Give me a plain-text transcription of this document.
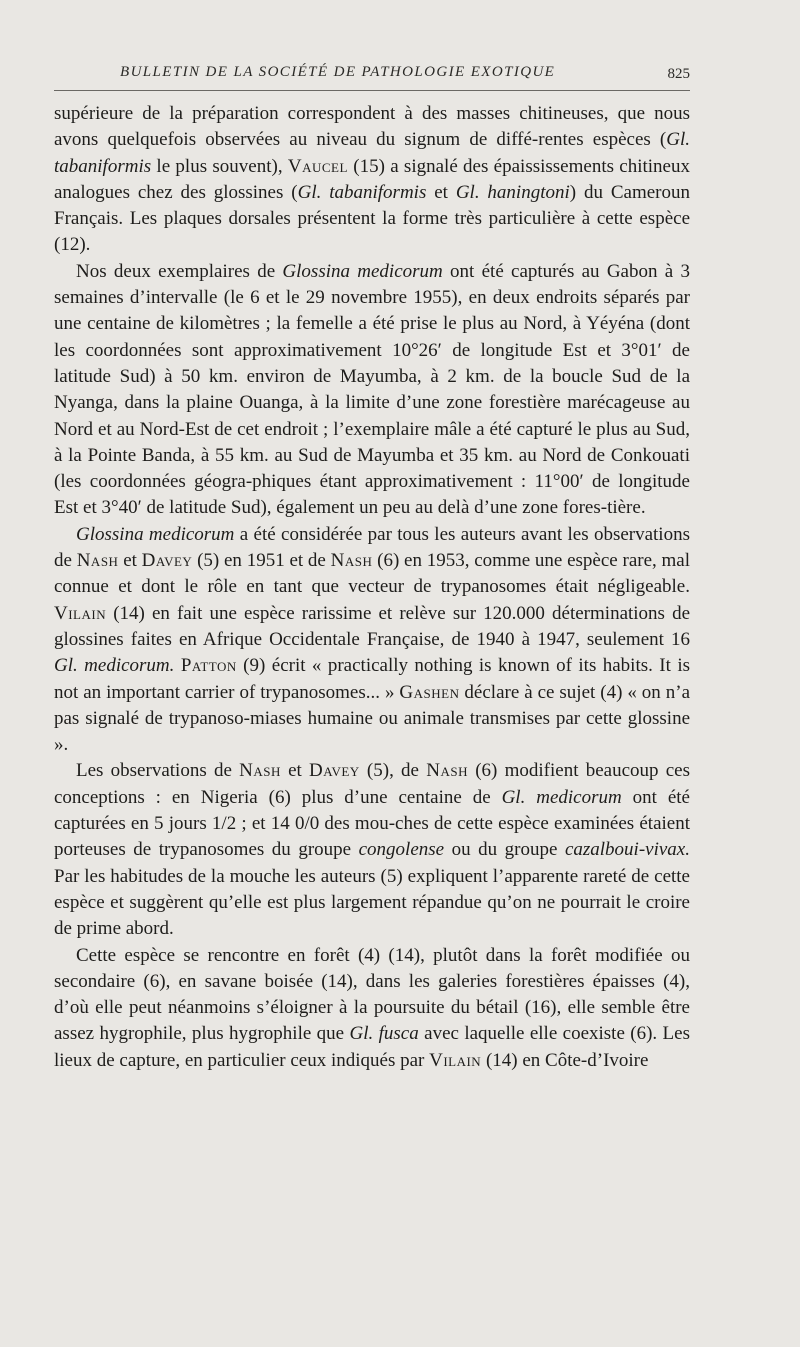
BULLETIN DE LA SOCIÉTÉ DE PATHOLOGIE EXOTIQUE	825

supérieure de la préparation correspondent à des masses chitineuses, que nous avons quelquefois observées au niveau du signum de diffé-rentes espèces (Gl. tabaniformis le plus souvent), Vaucel (15) a signalé des épaississements chitineux analogues chez des glossines (Gl. tabaniformis et Gl. haningtoni) du Cameroun Français. Les plaques dorsales présentent la forme très particulière à cette espèce (12).

Nos deux exemplaires de Glossina medicorum ont été capturés au Gabon à 3 semaines d’intervalle (le 6 et le 29 novembre 1955), en deux endroits séparés par une centaine de kilomètres ; la femelle a été prise le plus au Nord, à Yéyéna (dont les coordonnées sont approximativement 10°26′ de longitude Est et 3°01′ de latitude Sud) à 50 km. environ de Mayumba, à 2 km. de la boucle Sud de la Nyanga, dans la plaine Ouanga, à la limite d’une zone forestière marécageuse au Nord et au Nord-Est de cet endroit ; l’exemplaire mâle a été capturé le plus au Sud, à la Pointe Banda, à 55 km. au Sud de Mayumba et 35 km. au Nord de Conkouati (les coordonnées géogra-phiques étant approximativement : 11°00′ de longitude Est et 3°40′ de latitude Sud), également un peu au delà d’une zone fores-tière.

Glossina medicorum a été considérée par tous les auteurs avant les observations de Nash et Davey (5) en 1951 et de Nash (6) en 1953, comme une espèce rare, mal connue et dont le rôle en tant que vecteur de trypanosomes était négligeable. Vilain (14) en fait une espèce rarissime et relève sur 120.000 déterminations de glossines faites en Afrique Occidentale Française, de 1940 à 1947, seulement 16 Gl. medicorum. Patton (9) écrit « practically nothing is known of its habits. It is not an important carrier of trypanosomes... » Gashen déclare à ce sujet (4) « on n’a pas signalé de trypanoso-miases humaine ou animale transmises par cette glossine ».

Les observations de Nash et Davey (5), de Nash (6) modifient beaucoup ces conceptions : en Nigeria (6) plus d’une centaine de Gl. medicorum ont été capturées en 5 jours 1/2 ; et 14 0/0 des mou-ches de cette espèce examinées étaient porteuses de trypanosomes du groupe congolense ou du groupe cazalboui-vivax. Par les habitudes de la mouche les auteurs (5) expliquent l’apparente rareté de cette espèce et suggèrent qu’elle est plus largement répandue qu’on ne pourrait le croire de prime abord.

Cette espèce se rencontre en forêt (4) (14), plutôt dans la forêt modifiée ou secondaire (6), en savane boisée (14), dans les galeries forestières épaisses (4), d’où elle peut néanmoins s’éloigner à la poursuite du bétail (16), elle semble être assez hygrophile, plus hygrophile que Gl. fusca avec laquelle elle coexiste (6). Les lieux de capture, en particulier ceux indiqués par Vilain (14) en Côte-d’Ivoire
